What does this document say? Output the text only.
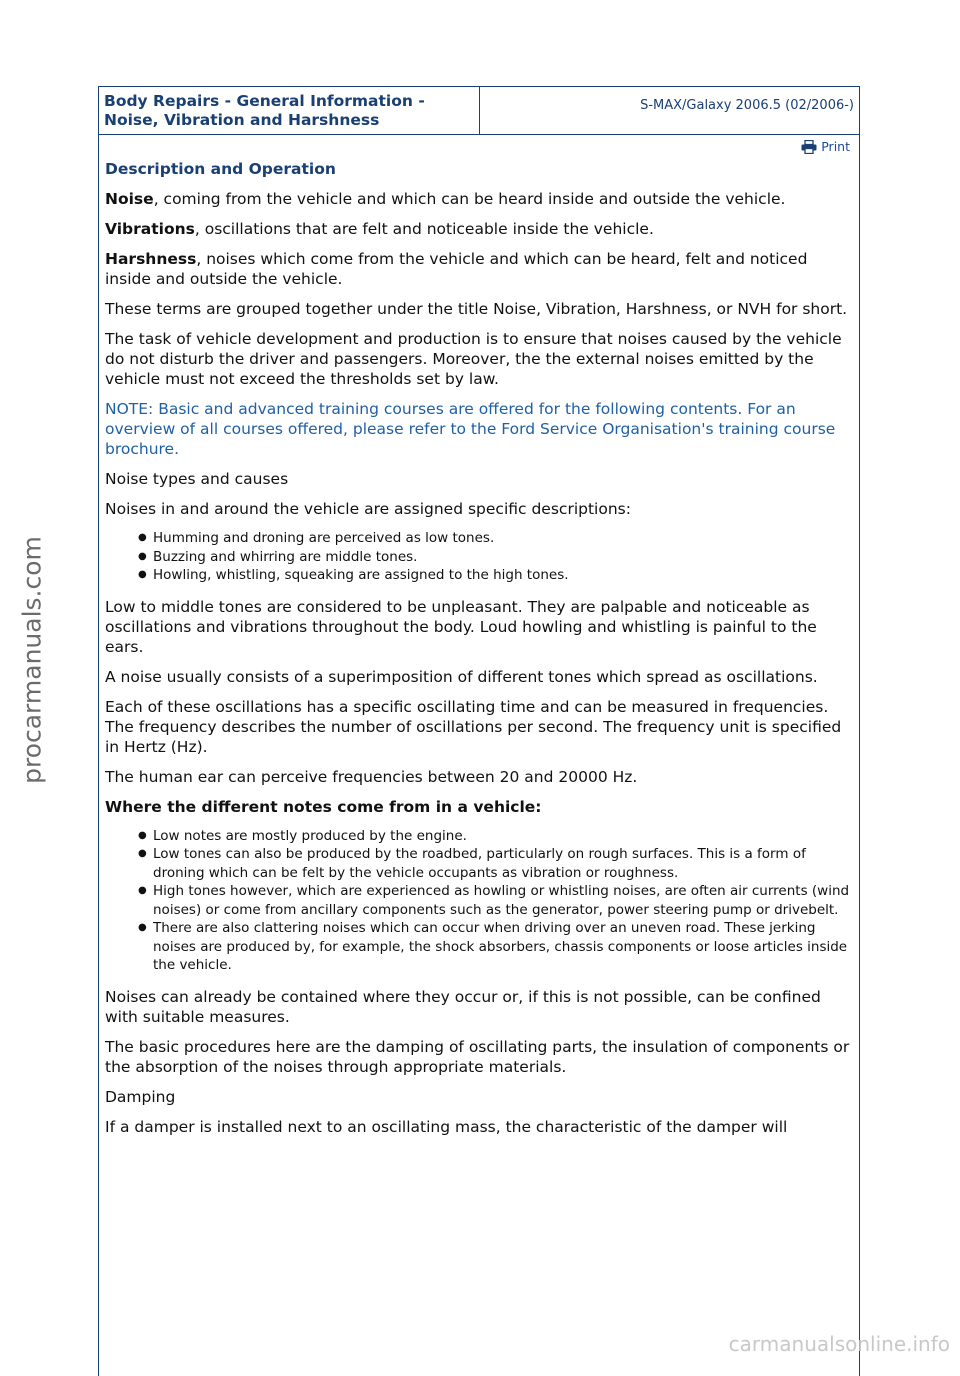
Body Repairs - General Information -
Noise, Vibration and Harshness
S-MAX/Galaxy 2006.5 (02/2006-)
Print

Description and Operation

Noise, coming from the vehicle and which can be heard inside and outside the vehicle.

Vibrations, oscillations that are felt and noticeable inside the vehicle.

Harshness, noises which come from the vehicle and which can be heard, felt and noticed inside and outside the vehicle.

These terms are grouped together under the title Noise, Vibration, Harshness, or NVH for short.

The task of vehicle development and production is to ensure that noises caused by the vehicle do not disturb the driver and passengers. Moreover, the the external noises emitted by the vehicle must not exceed the thresholds set by law.

NOTE: Basic and advanced training courses are offered for the following contents. For an overview of all courses offered, please refer to the Ford Service Organisation's training course brochure.

Noise types and causes

Noises in and around the vehicle are assigned specific descriptions:

● Humming and droning are perceived as low tones.
● Buzzing and whirring are middle tones.
● Howling, whistling, squeaking are assigned to the high tones.

Low to middle tones are considered to be unpleasant. They are palpable and noticeable as oscillations and vibrations throughout the body. Loud howling and whistling is painful to the ears.

A noise usually consists of a superimposition of different tones which spread as oscillations.

Each of these oscillations has a specific oscillating time and can be measured in frequencies. The frequency describes the number of oscillations per second. The frequency unit is specified in Hertz (Hz).

The human ear can perceive frequencies between 20 and 20000 Hz.

Where the different notes come from in a vehicle:

● Low notes are mostly produced by the engine.
● Low tones can also be produced by the roadbed, particularly on rough surfaces. This is a form of droning which can be felt by the vehicle occupants as vibration or roughness.
● High tones however, which are experienced as howling or whistling noises, are often air currents (wind noises) or come from ancillary components such as the generator, power steering pump or drivebelt.
● There are also clattering noises which can occur when driving over an uneven road. These jerking noises are produced by, for example, the shock absorbers, chassis components or loose articles inside the vehicle.

Noises can already be contained where they occur or, if this is not possible, can be confined with suitable measures.

The basic procedures here are the damping of oscillating parts, the insulation of components or the absorption of the noises through appropriate materials.

Damping

If a damper is installed next to an oscillating mass, the characteristic of the damper will

procarmanuals.com
carmanualsonline.info
